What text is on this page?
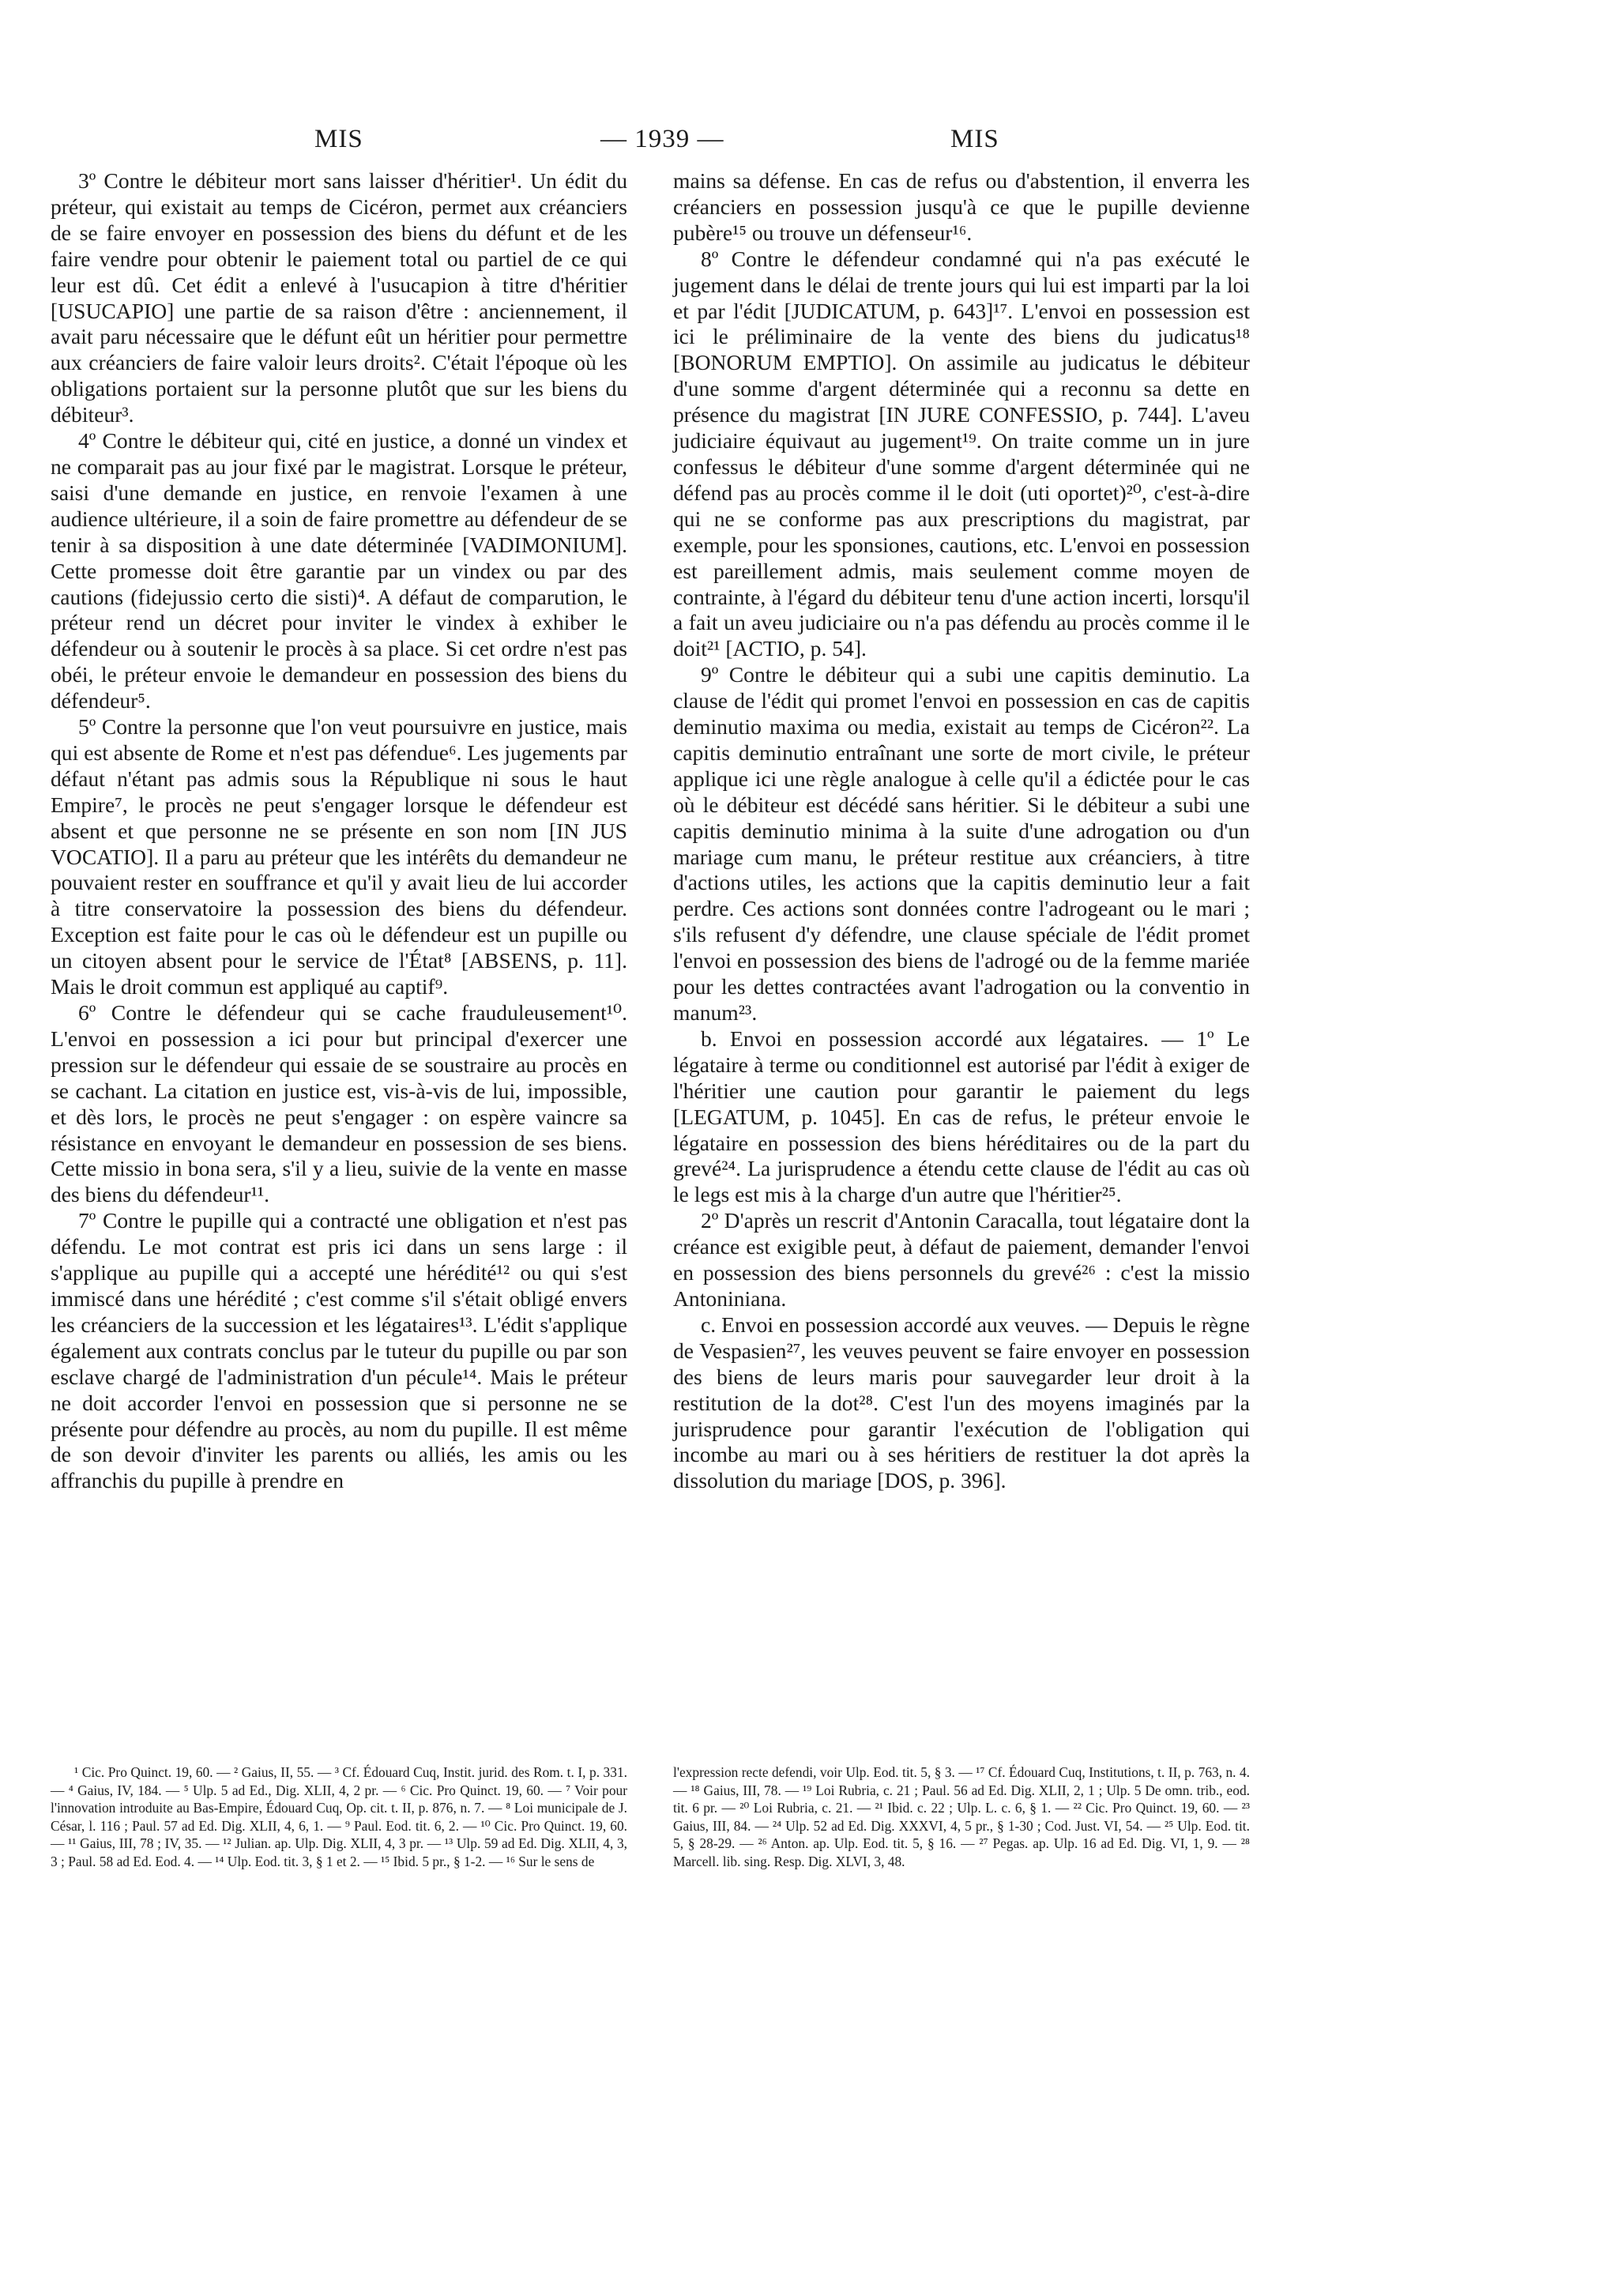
MIS	— 1939 —	MIS

3º Contre le débiteur mort sans laisser d'héritier¹. Un édit du préteur, qui existait au temps de Cicéron, permet aux créanciers de se faire envoyer en possession des biens du défunt et de les faire vendre pour obtenir le paiement total ou partiel de ce qui leur est dû. Cet édit a enlevé à l'usucapion à titre d'héritier [USUCAPIO] une partie de sa raison d'être : anciennement, il avait paru nécessaire que le défunt eût un héritier pour permettre aux créanciers de faire valoir leurs droits². C'était l'époque où les obligations portaient sur la personne plutôt que sur les biens du débiteur³.

4º Contre le débiteur qui, cité en justice, a donné un vindex et ne comparait pas au jour fixé par le magistrat. Lorsque le préteur, saisi d'une demande en justice, en renvoie l'examen à une audience ultérieure, il a soin de faire promettre au défendeur de se tenir à sa disposition à une date déterminée [VADIMONIUM]. Cette promesse doit être garantie par un vindex ou par des cautions (fidejussio certo die sisti)⁴. A défaut de comparution, le préteur rend un décret pour inviter le vindex à exhiber le défendeur ou à soutenir le procès à sa place. Si cet ordre n'est pas obéi, le préteur envoie le demandeur en possession des biens du défendeur⁵.

5º Contre la personne que l'on veut poursuivre en justice, mais qui est absente de Rome et n'est pas défendue⁶. Les jugements par défaut n'étant pas admis sous la République ni sous le haut Empire⁷, le procès ne peut s'engager lorsque le défendeur est absent et que personne ne se présente en son nom [IN JUS VOCATIO]. Il a paru au préteur que les intérêts du demandeur ne pouvaient rester en souffrance et qu'il y avait lieu de lui accorder à titre conservatoire la possession des biens du défendeur. Exception est faite pour le cas où le défendeur est un pupille ou un citoyen absent pour le service de l'État⁸ [ABSENS, p. 11]. Mais le droit commun est appliqué au captif⁹.

6º Contre le défendeur qui se cache frauduleusement¹⁰. L'envoi en possession a ici pour but principal d'exercer une pression sur le défendeur qui essaie de se soustraire au procès en se cachant. La citation en justice est, vis-à-vis de lui, impossible, et dès lors, le procès ne peut s'engager : on espère vaincre sa résistance en envoyant le demandeur en possession de ses biens. Cette missio in bona sera, s'il y a lieu, suivie de la vente en masse des biens du défendeur¹¹.

7º Contre le pupille qui a contracté une obligation et n'est pas défendu. Le mot contrat est pris ici dans un sens large : il s'applique au pupille qui a accepté une hérédité¹² ou qui s'est immiscé dans une hérédité ; c'est comme s'il s'était obligé envers les créanciers de la succession et les légataires¹³. L'édit s'applique également aux contrats conclus par le tuteur du pupille ou par son esclave chargé de l'administration d'un pécule¹⁴. Mais le préteur ne doit accorder l'envoi en possession que si personne ne se présente pour défendre au procès, au nom du pupille. Il est même de son devoir d'inviter les parents ou alliés, les amis ou les affranchis du pupille à prendre en

mains sa défense. En cas de refus ou d'abstention, il enverra les créanciers en possession jusqu'à ce que le pupille devienne pubère¹⁵ ou trouve un défenseur¹⁶.

8º Contre le défendeur condamné qui n'a pas exécuté le jugement dans le délai de trente jours qui lui est imparti par la loi et par l'édit [JUDICATUM, p. 643]¹⁷. L'envoi en possession est ici le préliminaire de la vente des biens du judicatus¹⁸ [BONORUM EMPTIO]. On assimile au judicatus le débiteur d'une somme d'argent déterminée qui a reconnu sa dette en présence du magistrat [IN JURE CONFESSIO, p. 744]. L'aveu judiciaire équivaut au jugement¹⁹. On traite comme un in jure confessus le débiteur d'une somme d'argent déterminée qui ne défend pas au procès comme il le doit (uti oportet)²⁰, c'est-à-dire qui ne se conforme pas aux prescriptions du magistrat, par exemple, pour les sponsiones, cautions, etc. L'envoi en possession est pareillement admis, mais seulement comme moyen de contrainte, à l'égard du débiteur tenu d'une action incerti, lorsqu'il a fait un aveu judiciaire ou n'a pas défendu au procès comme il le doit²¹ [ACTIO, p. 54].

9º Contre le débiteur qui a subi une capitis deminutio. La clause de l'édit qui promet l'envoi en possession en cas de capitis deminutio maxima ou media, existait au temps de Cicéron²². La capitis deminutio entraînant une sorte de mort civile, le préteur applique ici une règle analogue à celle qu'il a édictée pour le cas où le débiteur est décédé sans héritier. Si le débiteur a subi une capitis deminutio minima à la suite d'une adrogation ou d'un mariage cum manu, le préteur restitue aux créanciers, à titre d'actions utiles, les actions que la capitis deminutio leur a fait perdre. Ces actions sont données contre l'adrogeant ou le mari ; s'ils refusent d'y défendre, une clause spéciale de l'édit promet l'envoi en possession des biens de l'adrogé ou de la femme mariée pour les dettes contractées avant l'adrogation ou la conventio in manum²³.

b. Envoi en possession accordé aux légataires. — 1º Le légataire à terme ou conditionnel est autorisé par l'édit à exiger de l'héritier une caution pour garantir le paiement du legs [LEGATUM, p. 1045]. En cas de refus, le préteur envoie le légataire en possession des biens héréditaires ou de la part du grevé²⁴. La jurisprudence a étendu cette clause de l'édit au cas où le legs est mis à la charge d'un autre que l'héritier²⁵.

2º D'après un rescrit d'Antonin Caracalla, tout légataire dont la créance est exigible peut, à défaut de paiement, demander l'envoi en possession des biens personnels du grevé²⁶ : c'est la missio Antoniniana.

c. Envoi en possession accordé aux veuves. — Depuis le règne de Vespasien²⁷, les veuves peuvent se faire envoyer en possession des biens de leurs maris pour sauvegarder leur droit à la restitution de la dot²⁸. C'est l'un des moyens imaginés par la jurisprudence pour garantir l'exécution de l'obligation qui incombe au mari ou à ses héritiers de restituer la dot après la dissolution du mariage [DOS, p. 396].

¹ Cic. Pro Quinct. 19, 60. — ² Gaius, II, 55. — ³ Cf. Édouard Cuq, Instit. jurid. des Rom. t. I, p. 331. — ⁴ Gaius, IV, 184. — ⁵ Ulp. 5 ad Ed., Dig. XLII, 4, 2 pr. — ⁶ Cic. Pro Quinct. 19, 60. — ⁷ Voir pour l'innovation introduite au Bas-Empire, Édouard Cuq, Op. cit. t. II, p. 876, n. 7. — ⁸ Loi municipale de J. César, l. 116 ; Paul. 57 ad Ed. Dig. XLII, 4, 6, 1. — ⁹ Paul. Eod. tit. 6, 2. — ¹⁰ Cic. Pro Quinct. 19, 60. — ¹¹ Gaius, III, 78 ; IV, 35. — ¹² Julian. ap. Ulp. Dig. XLII, 4, 3 pr. — ¹³ Ulp. 59 ad Ed. Dig. XLII, 4, 3, 3 ; Paul. 58 ad Ed. Eod. 4. — ¹⁴ Ulp. Eod. tit. 3, § 1 et 2. — ¹⁵ Ibid. 5 pr., § 1-2. — ¹⁶ Sur le sens de
l'expression recte defendi, voir Ulp. Eod. tit. 5, § 3. — ¹⁷ Cf. Édouard Cuq, Institutions, t. II, p. 763, n. 4. — ¹⁸ Gaius, III, 78. — ¹⁹ Loi Rubria, c. 21 ; Paul. 56 ad Ed. Dig. XLII, 2, 1 ; Ulp. 5 De omn. trib., eod. tit. 6 pr. — ²⁰ Loi Rubria, c. 21. — ²¹ Ibid. c. 22 ; Ulp. L. c. 6, § 1. — ²² Cic. Pro Quinct. 19, 60. — ²³ Gaius, III, 84. — ²⁴ Ulp. 52 ad Ed. Dig. XXXVI, 4, 5 pr., § 1-30 ; Cod. Just. VI, 54. — ²⁵ Ulp. Eod. tit. 5, § 28-29. — ²⁶ Anton. ap. Ulp. Eod. tit. 5, § 16. — ²⁷ Pegas. ap. Ulp. 16 ad Ed. Dig. VI, 1, 9. — ²⁸ Marcell. lib. sing. Resp. Dig. XLVI, 3, 48.
